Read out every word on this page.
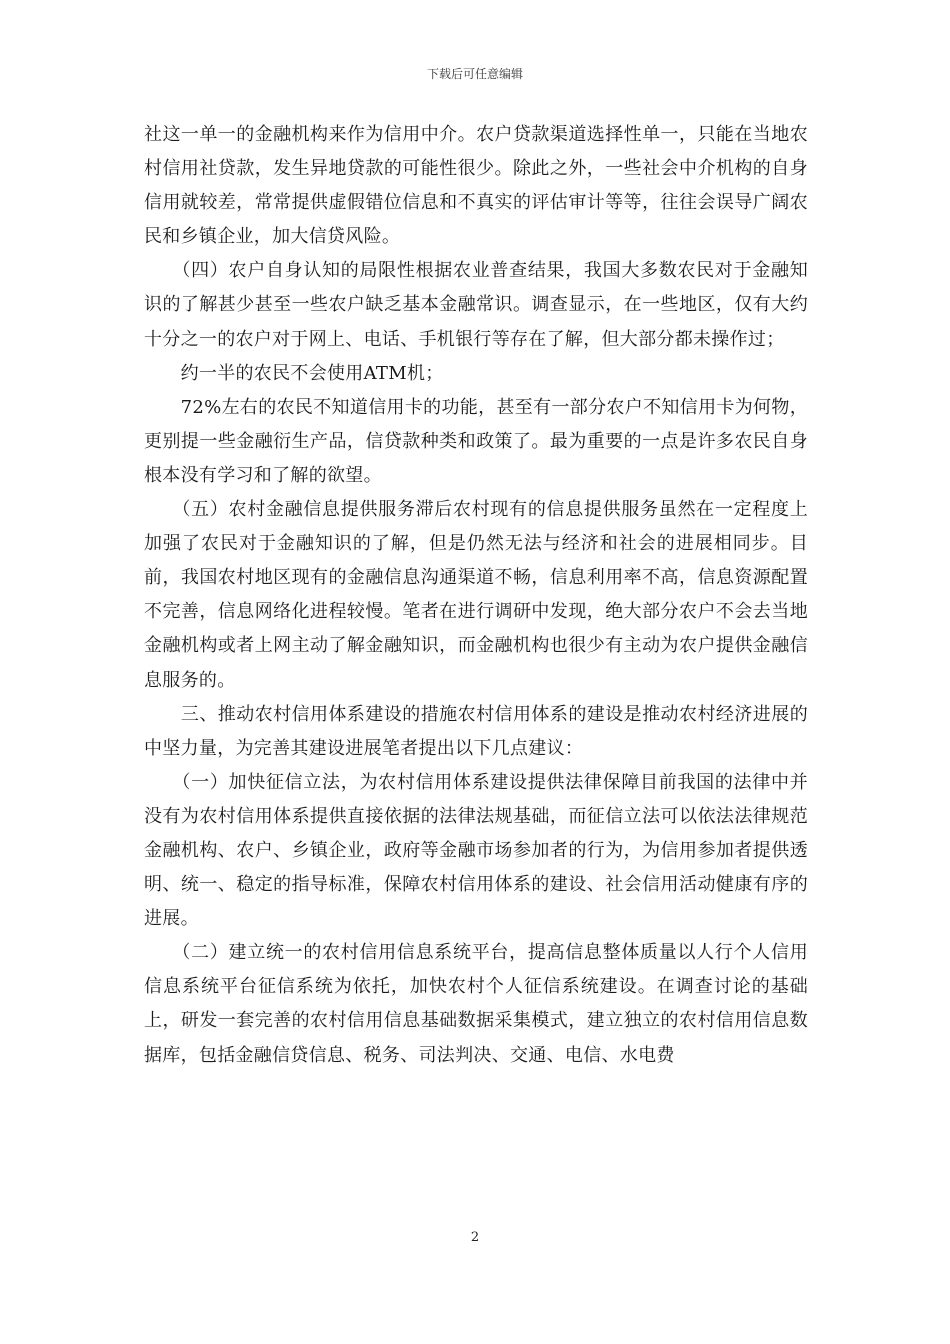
下载后可任意编辑

社这一单一的金融机构来作为信用中介。农户贷款渠道选择性单一，只能在当地农村信用社贷款，发生异地贷款的可能性很少。除此之外，一些社会中介机构的自身信用就较差，常常提供虚假错位信息和不真实的评估审计等等，往往会误导广阔农民和乡镇企业，加大信贷风险。

　　（四）农户自身认知的局限性根据农业普查结果，我国大多数农民对于金融知识的了解甚少甚至一些农户缺乏基本金融常识。调查显示，在一些地区，仅有大约十分之一的农户对于网上、电话、手机银行等存在了解，但大部分都未操作过；

　　约一半的农民不会使用ATM机；

　　72%左右的农民不知道信用卡的功能，甚至有一部分农户不知信用卡为何物，更别提一些金融衍生产品，信贷款种类和政策了。最为重要的一点是许多农民自身根本没有学习和了解的欲望。

　　（五）农村金融信息提供服务滞后农村现有的信息提供服务虽然在一定程度上加强了农民对于金融知识的了解，但是仍然无法与经济和社会的进展相同步。目前，我国农村地区现有的金融信息沟通渠道不畅，信息利用率不高，信息资源配置不完善，信息网络化进程较慢。笔者在进行调研中发现，绝大部分农户不会去当地金融机构或者上网主动了解金融知识，而金融机构也很少有主动为农户提供金融信息服务的。

　　三、推动农村信用体系建设的措施农村信用体系的建设是推动农村经济进展的中坚力量，为完善其建设进展笔者提出以下几点建议：

　　（一）加快征信立法，为农村信用体系建设提供法律保障目前我国的法律中并没有为农村信用体系提供直接依据的法律法规基础，而征信立法可以依法法律规范金融机构、农户、乡镇企业，政府等金融市场参加者的行为，为信用参加者提供透明、统一、稳定的指导标准，保障农村信用体系的建设、社会信用活动健康有序的进展。

　　（二）建立统一的农村信用信息系统平台，提高信息整体质量以人行个人信用信息系统平台征信系统为依托，加快农村个人征信系统建设。在调查讨论的基础上，研发一套完善的农村信用信息基础数据采集模式，建立独立的农村信用信息数据库，包括金融信贷信息、税务、司法判决、交通、电信、水电费

2
